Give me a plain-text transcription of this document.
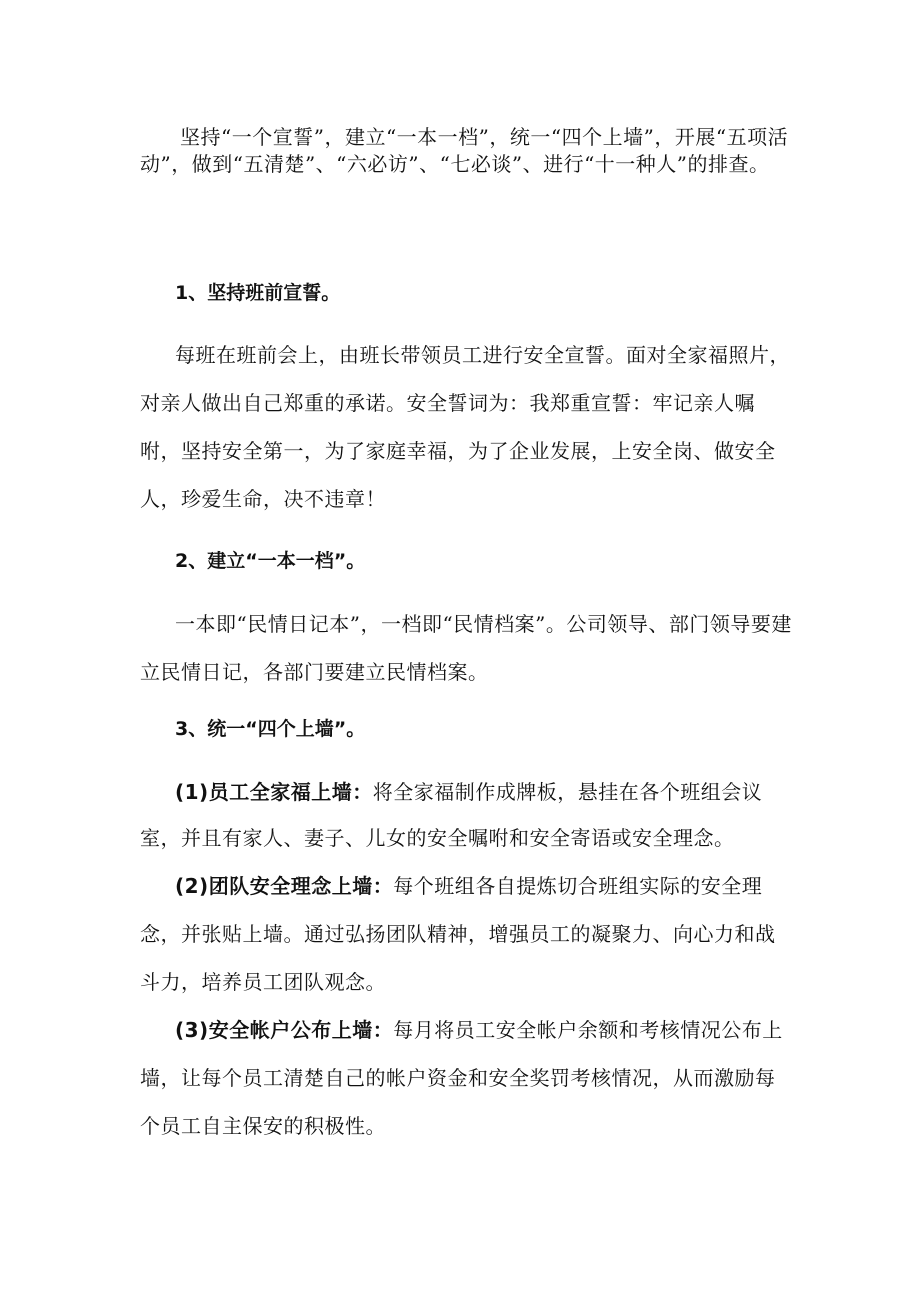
坚持“一个宣誓”，建立“一本一档”，统一“四个上墙”，开展“五项活动”，做到“五清楚”、“六必访”、“七必谈”、进行“十一种人”的排查。

1、坚持班前宣誓。

每班在班前会上，由班长带领员工进行安全宣誓。面对全家福照片，对亲人做出自己郑重的承诺。安全誓词为：我郑重宣誓：牢记亲人嘱咐，坚持安全第一，为了家庭幸福，为了企业发展，上安全岗、做安全人，珍爱生命，决不违章！

2、建立“一本一档”。

一本即“民情日记本”，一档即“民情档案”。公司领导、部门领导要建立民情日记，各部门要建立民情档案。

3、统一“四个上墙”。

(1)员工全家福上墙：将全家福制作成牌板，悬挂在各个班组会议室，并且有家人、妻子、儿女的安全嘱咐和安全寄语或安全理念。

(2)团队安全理念上墙：每个班组各自提炼切合班组实际的安全理念，并张贴上墙。通过弘扬团队精神，增强员工的凝聚力、向心力和战斗力，培养员工团队观念。

(3)安全帐户公布上墙：每月将员工安全帐户余额和考核情况公布上墙，让每个员工清楚自己的帐户资金和安全奖罚考核情况，从而激励每个员工自主保安的积极性。
